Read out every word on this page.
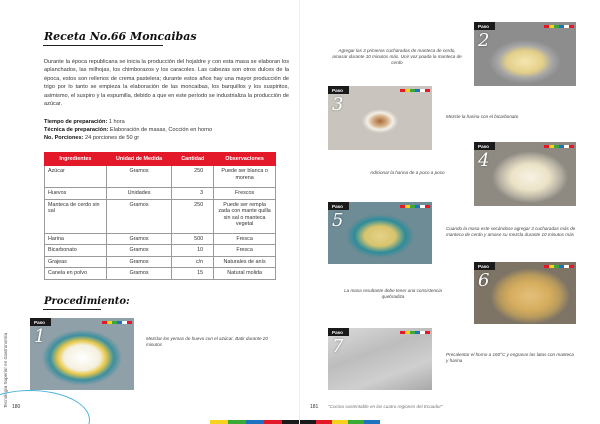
Tecnología Superior en Gastronomía
Receta No.66 Moncaibas

Durante la época republicana se inicia la producción del hojaldre y con esta masa se elaboran los aplanchados, las milhojas, los chimborazos y los caracoles. Las cabezas son otros dulces de la época, estos son rellenos de crema pastelera; durante estos años hay una mayor producción de trigo por lo tanto se empieza la elaboración de las moncaibas, los barquillos y los suspiritos, asimismo, el suspiro y la espumilla, debido a que en este período se industrializa la producción de azúcar.

Tiempo de preparación: 1 hora
Técnica de preparación: Elaboración de masas, Cocción en horno
No. Porciones: 24 porciones de 50 gr
Ingredientes	Unidad de Medida	Cantidad	Observaciones
Azúcar	Gramos	250	Puede ser blanca o morena
Huevos	Unidades	3	Frescos
Manteca de cerdo sin sal	Gramos	250	Puede ser rempla zada con mante quilla sin sal o manteca vegetal
Harina	Gramos	500	Fresca
Bicarbonato	Gramos	10	Fresca
Grajeas	Gramos	c/n	Naturales de anís
Canela en polvo	Gramos	15	Natural molida
Procedimiento:
Paso
1	Mezclar los yemas de huevo con el azúcar. Batir durante 20 minutos

180
Paso
2

Agregar las 3 primeras cucharadas de manteca de cerdo, amasar durante 10 minutos más. Unir voz poada la manteca de cerdo

Paso
3

Mezcle la harina con el bicarbonato

Paso
4

Adicionar la harina de a poco a poco

Paso
5	Cuando la masa este secándose agregar 3 cucharadas más de manteca de cerdo y amase su mezcla durante 10 minutos más

Paso
6

La masa resultante debe tener una consistencia quebradiza

Paso
7	Precalentar el horno a 160°C y engrasar las latas con manteca y harina

181 "Cocina sustentable en las cuatro regiones del Ecuador"
